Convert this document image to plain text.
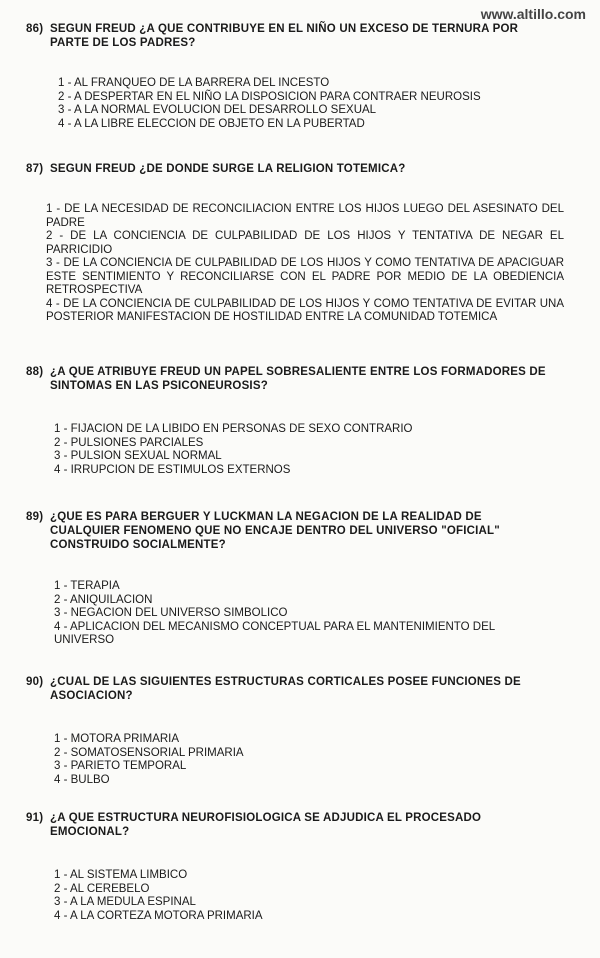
www.altillo.com
86) SEGUN FREUD ¿A QUE CONTRIBUYE EN EL NIÑO UN EXCESO DE TERNURA POR
PARTE DE LOS PADRES?
1 - AL FRANQUEO DE LA BARRERA DEL INCESTO
2 - A DESPERTAR EN EL NIÑO LA DISPOSICION PARA CONTRAER NEUROSIS
3 - A LA NORMAL EVOLUCION DEL DESARROLLO SEXUAL
4 - A LA LIBRE ELECCION DE OBJETO EN LA PUBERTAD
87) SEGUN FREUD ¿DE DONDE SURGE LA RELIGION TOTEMICA?
1 - DE LA NECESIDAD DE RECONCILIACION ENTRE LOS HIJOS LUEGO DEL ASESINATO DEL PADRE
2 - DE LA CONCIENCIA DE CULPABILIDAD DE LOS HIJOS Y TENTATIVA DE NEGAR EL PARRICIDIO
3 - DE LA CONCIENCIA DE CULPABILIDAD DE LOS HIJOS Y COMO TENTATIVA DE APACIGUAR ESTE SENTIMIENTO Y RECONCILIARSE CON EL PADRE POR MEDIO DE LA OBEDIENCIA RETROSPECTIVA
4 - DE LA CONCIENCIA DE CULPABILIDAD DE LOS HIJOS Y COMO TENTATIVA DE EVITAR UNA POSTERIOR MANIFESTACION DE HOSTILIDAD ENTRE LA COMUNIDAD TOTEMICA
88) ¿A QUE ATRIBUYE FREUD UN PAPEL SOBRESALIENTE ENTRE LOS FORMADORES DE
SINTOMAS EN LAS PSICONEUROSIS?
1 - FIJACION DE LA LIBIDO EN PERSONAS DE SEXO CONTRARIO
2 - PULSIONES PARCIALES
3 - PULSION SEXUAL NORMAL
4 - IRRUPCION DE ESTIMULOS EXTERNOS
89) ¿QUE ES PARA BERGUER Y LUCKMAN LA NEGACION DE LA REALIDAD DE
CUALQUIER FENOMENO QUE NO ENCAJE DENTRO DEL UNIVERSO "OFICIAL"
CONSTRUIDO SOCIALMENTE?
1 - TERAPIA
2 - ANIQUILACION
3 - NEGACION DEL UNIVERSO SIMBOLICO
4 - APLICACION DEL MECANISMO CONCEPTUAL PARA EL MANTENIMIENTO DEL UNIVERSO
90) ¿CUAL DE LAS SIGUIENTES ESTRUCTURAS CORTICALES POSEE FUNCIONES DE
ASOCIACION?
1 - MOTORA PRIMARIA
2 - SOMATOSENSORIAL PRIMARIA
3 - PARIETO TEMPORAL
4 - BULBO
91) ¿A QUE ESTRUCTURA NEUROFISIOLOGICA SE ADJUDICA EL PROCESADO
EMOCIONAL?
1 - AL SISTEMA LIMBICO
2 - AL CEREBELO
3 - A LA MEDULA ESPINAL
4 - A LA CORTEZA MOTORA PRIMARIA
